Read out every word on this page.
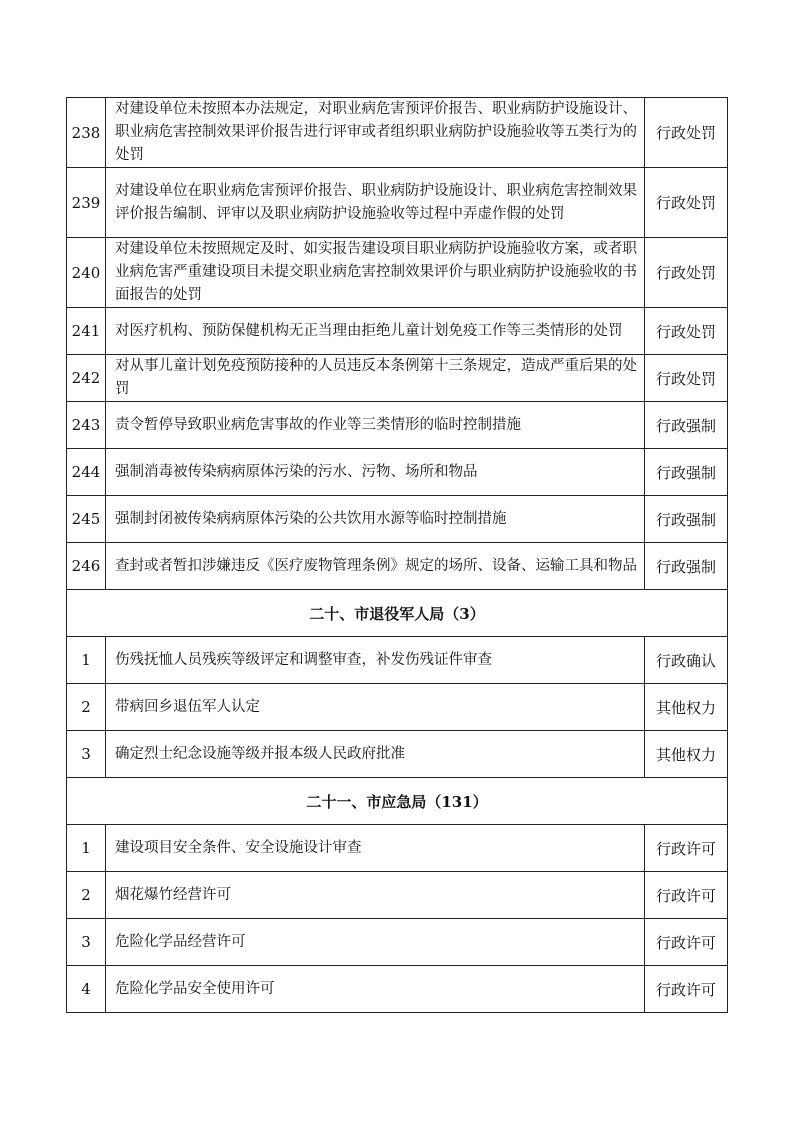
238	对建设单位未按照本办法规定，对职业病危害预评价报告、职业病防护设施设计、职业病危害控制效果评价报告进行评审或者组织职业病防护设施验收等五类行为的处罚	行政处罚
239	对建设单位在职业病危害预评价报告、职业病防护设施设计、职业病危害控制效果评价报告编制、评审以及职业病防护设施验收等过程中弄虚作假的处罚	行政处罚
240	对建设单位未按照规定及时、如实报告建设项目职业病防护设施验收方案，或者职业病危害严重建设项目未提交职业病危害控制效果评价与职业病防护设施验收的书面报告的处罚	行政处罚
241	对医疗机构、预防保健机构无正当理由拒绝儿童计划免疫工作等三类情形的处罚	行政处罚
242	对从事儿童计划免疫预防接种的人员违反本条例第十三条规定，造成严重后果的处罚	行政处罚
243	责令暂停导致职业病危害事故的作业等三类情形的临时控制措施	行政强制
244	强制消毒被传染病病原体污染的污水、污物、场所和物品	行政强制
245	强制封闭被传染病病原体污染的公共饮用水源等临时控制措施	行政强制
246	查封或者暂扣涉嫌违反《医疗废物管理条例》规定的场所、设备、运输工具和物品	行政强制
二十、市退役军人局（3）		
1	伤残抚恤人员残疾等级评定和调整审查，补发伤残证件审查	行政确认
2	带病回乡退伍军人认定	其他权力
3	确定烈士纪念设施等级并报本级人民政府批准	其他权力
二十一、市应急局（131）		
1	建设项目安全条件、安全设施设计审查	行政许可
2	烟花爆竹经营许可	行政许可
3	危险化学品经营许可	行政许可
4	危险化学品安全使用许可	行政许可
